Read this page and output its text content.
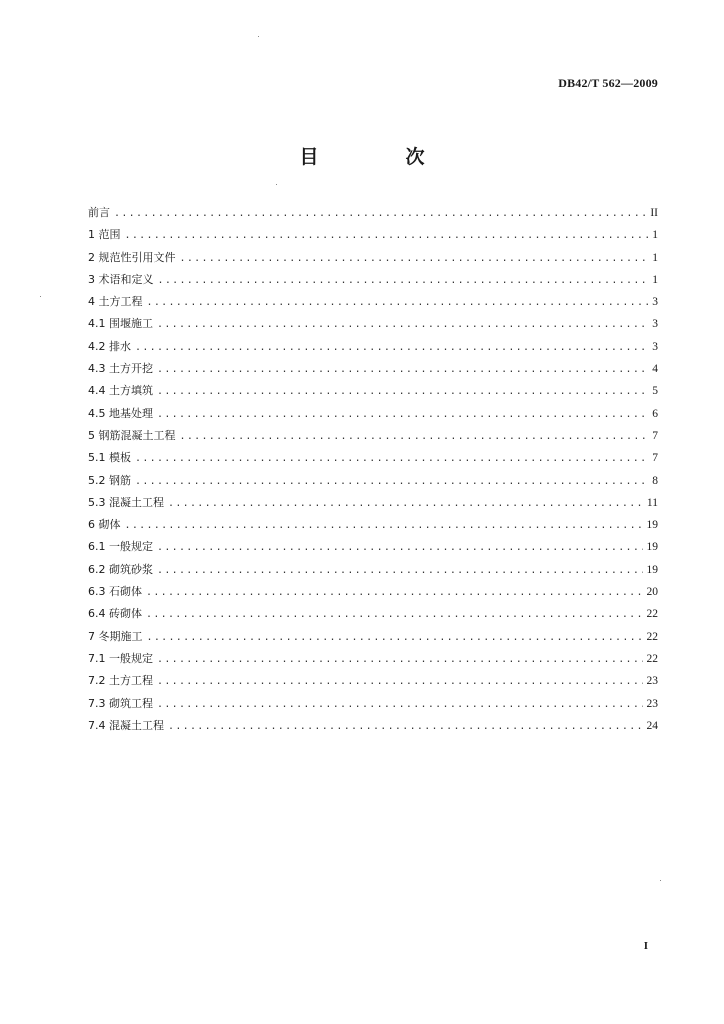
DB42/T 562—2009
目　次
前言 .....	II
1 范围 .....	1
2 规范性引用文件 .....	1
3 术语和定义 .....	1
4 土方工程 .....	3
4.1 围堰施工 .....	3
4.2 排水 .....	3
4.3 土方开挖 .....	4
4.4 土方填筑 .....	5
4.5 地基处理 .....	6
5 钢筋混凝土工程 .....	7
5.1 模板 .....	7
5.2 钢筋 .....	8
5.3 混凝土工程 .....	11
6 砌体 .....	19
6.1 一般规定 .....	19
6.2 砌筑砂浆 .....	19
6.3 石砌体 .....	20
6.4 砖砌体 .....	22
7 冬期施工 .....	22
7.1 一般规定 .....	22
7.2 土方工程 .....	23
7.3 砌筑工程 .....	23
7.4 混凝土工程 .....	24
I
